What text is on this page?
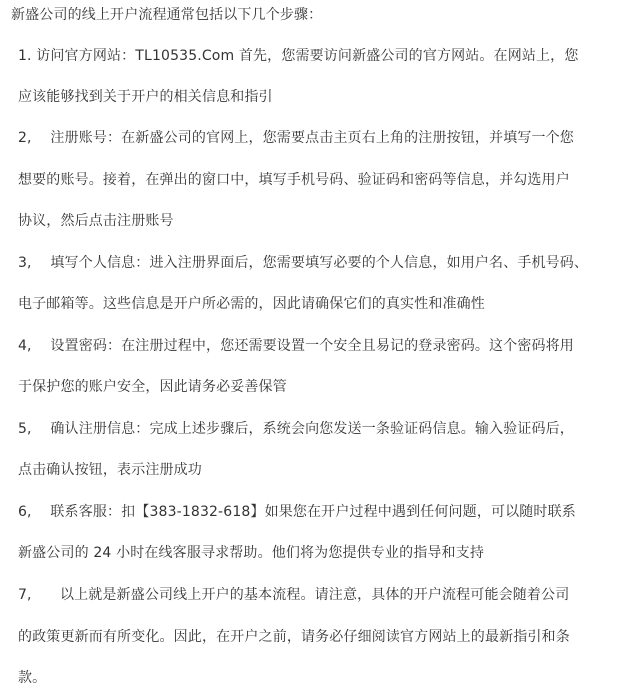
新盛公司的线上开户流程通常包括以下几个步骤：
1. 访问官方网站：TL10535.Com 首先，您需要访问新盛公司的官方网站。在网站上，您
应该能够找到关于开户的相关信息和指引
2,　 注册账号：在新盛公司的官网上，您需要点击主页右上角的注册按钮，并填写一个您
想要的账号。接着，在弹出的窗口中，填写手机号码、验证码和密码等信息，并勾选用户
协议，然后点击注册账号
3,　 填写个人信息：进入注册界面后，您需要填写必要的个人信息，如用户名、手机号码、
电子邮箱等。这些信息是开户所必需的，因此请确保它们的真实性和准确性
4,　 设置密码：在注册过程中，您还需要设置一个安全且易记的登录密码。这个密码将用
于保护您的账户安全，因此请务必妥善保管
5,　 确认注册信息：完成上述步骤后，系统会向您发送一条验证码信息。输入验证码后，
点击确认按钮，表示注册成功
6,　 联系客服：扣【383-1832-618】如果您在开户过程中遇到任何问题，可以随时联系
新盛公司的 24 小时在线客服寻求帮助。他们将为您提供专业的指导和支持
7,　　以上就是新盛公司线上开户的基本流程。请注意，具体的开户流程可能会随着公司
的政策更新而有所变化。因此，在开户之前，请务必仔细阅读官方网站上的最新指引和条
款。
